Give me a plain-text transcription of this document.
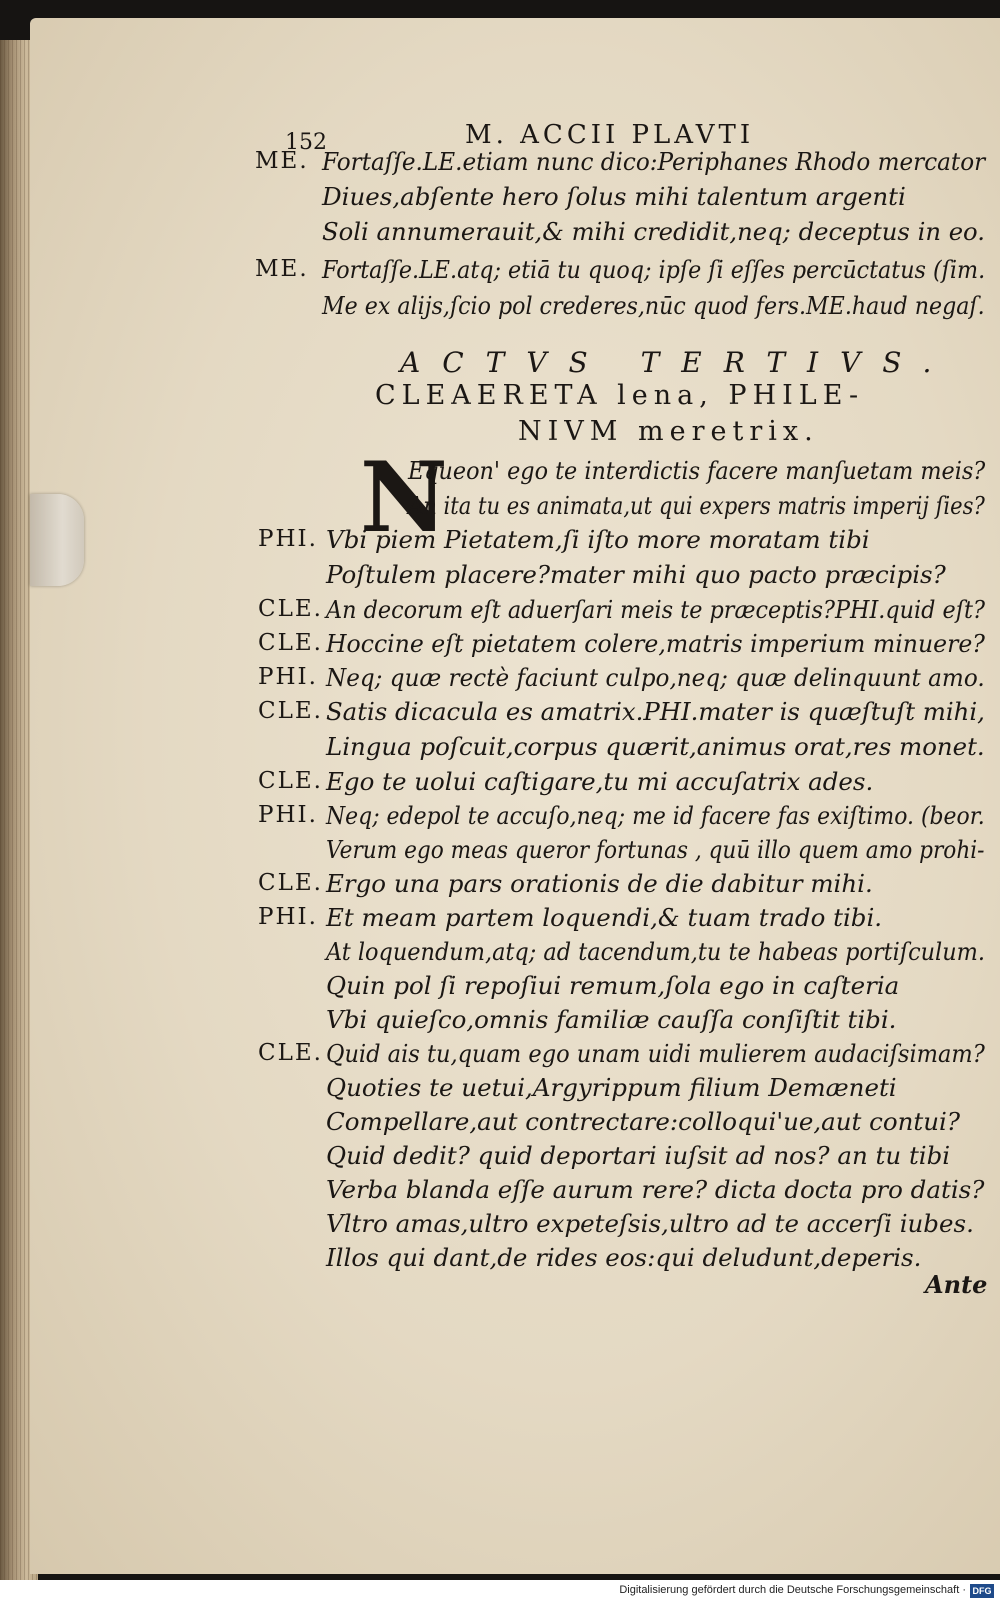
152	M. ACCII PLAVTI
ME. Fortaſſe.LE.etiam nunc dico:Periphanes Rhodo mercator
Diues,abſente hero ſolus mihi talentum argenti
Soli annumerauit,& mihi credidit,neq; deceptus in eo.
ME. Fortaſſe.LE.atq; etiā tu quoq; ipſe ſi eſſes percūctatus (ſim.
Me ex alijs,ſcio pol crederes,nūc quod fers.ME.haud negaſ.
ACTVS TERTIVS.
CLEAERETA lena, PHILE-
NIVM meretrix.
N
Equeon' ego te interdictis facere manſuetam meis?
An ita tu es animata,ut qui expers matris imperij ſies?
PHI. Vbi piem Pietatem,ſi iſto more moratam tibi
Poſtulem placere?mater mihi quo pacto præcipis?
CLE. An decorum eſt aduerſari meis te præceptis?PHI.quid eſt?
CLE. Hoccine eſt pietatem colere,matris imperium minuere?
PHI. Neq; quæ rectè faciunt culpo,neq; quæ delinquunt amo.
CLE. Satis dicacula es amatrix.PHI.mater is quæſtuſt mihi,
Lingua poſcuit,corpus quærit,animus orat,res monet.
CLE. Ego te uolui caſtigare,tu mi accuſatrix ades.
PHI. Neq; edepol te accuſo,neq; me id facere fas exiſtimo. (beor.
Verum ego meas queror fortunas , quū illo quem amo prohi-
CLE. Ergo una pars orationis de die dabitur mihi.
PHI. Et meam partem loquendi,& tuam trado tibi.
At loquendum,atq; ad tacendum,tu te habeas portiſculum.
Quin pol ſi repoſiui remum,ſola ego in caſteria
Vbi quieſco,omnis familiæ cauſſa conſiſtit tibi.
CLE. Quid ais tu,quam ego unam uidi mulierem audaciſsimam?
Quoties te uetui,Argyrippum filium Demæneti
Compellare,aut contrectare:colloqui'ue,aut contui?
Quid dedit? quid deportari iuſsit ad nos? an tu tibi
Verba blanda eſſe aurum rere? dicta docta pro datis?
Vltro amas,ultro expeteſsis,ultro ad te accerſi iubes.
Illos qui dant,de rides eos:qui deludunt,deperis.
Ante
Digitalisierung gefördert durch die Deutsche Forschungsgemeinschaft · DFG
